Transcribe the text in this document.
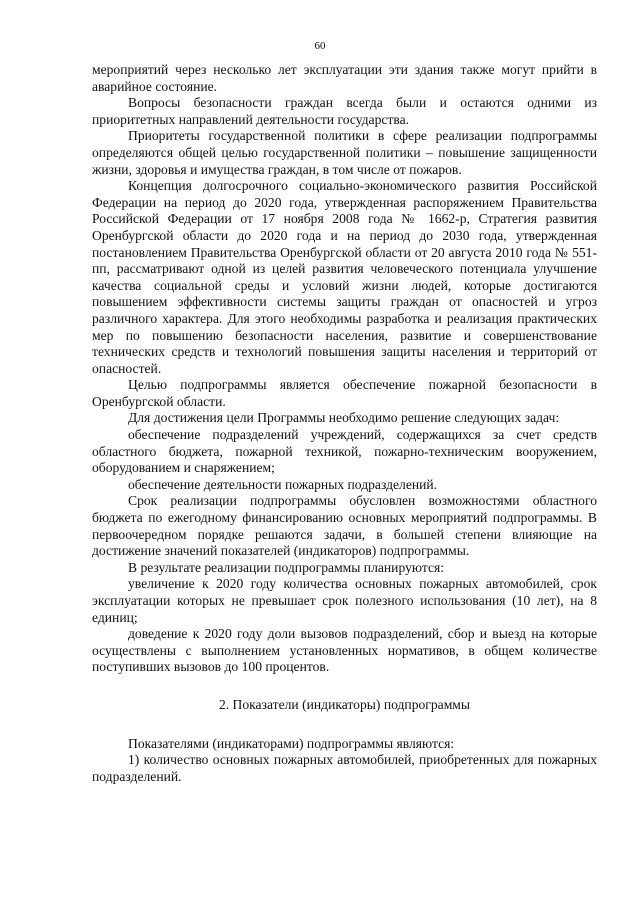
60

мероприятий через несколько лет эксплуатации эти здания также могут прийти в аварийное состояние.

Вопросы безопасности граждан всегда были и остаются одними из приоритетных направлений деятельности государства.

Приоритеты государственной политики в сфере реализации подпрограммы определяются общей целью государственной политики – повышение защищенности жизни, здоровья и имущества граждан, в том числе от пожаров.

Концепция долгосрочного социально-экономического развития Российской Федерации на период до 2020 года, утвержденная распоряжением Правительства Российской Федерации от 17 ноября 2008 года № 1662-р, Стратегия развития Оренбургской области до 2020 года и на период до 2030 года, утвержденная постановлением Правительства Оренбургской области от 20 августа 2010 года № 551-пп, рассматривают одной из целей развития человеческого потенциала улучшение качества социальной среды и условий жизни людей, которые достигаются повышением эффективности системы защиты граждан от опасностей и угроз различного характера. Для этого необходимы разработка и реализация практических мер по повышению безопасности населения, развитие и совершенствование технических средств и технологий повышения защиты населения и территорий от опасностей.

Целью подпрограммы является обеспечение пожарной безопасности в Оренбургской области.

Для достижения цели Программы необходимо решение следующих задач:

обеспечение подразделений учреждений, содержащихся за счет средств областного бюджета, пожарной техникой, пожарно-техническим вооружением, оборудованием и снаряжением;

обеспечение деятельности пожарных подразделений.

Срок реализации подпрограммы обусловлен возможностями областного бюджета по ежегодному финансированию основных мероприятий подпрограммы. В первоочередном порядке решаются задачи, в большей степени влияющие на достижение значений показателей (индикаторов) подпрограммы.

В результате реализации подпрограммы планируются:

увеличение к 2020 году количества основных пожарных автомобилей, срок эксплуатации которых не превышает срок полезного использования (10 лет), на 8 единиц;

доведение к 2020 году доли вызовов подразделений, сбор и выезд на которые осуществлены с выполнением установленных нормативов, в общем количестве поступивших вызовов до 100 процентов.

2. Показатели (индикаторы) подпрограммы

Показателями (индикаторами) подпрограммы являются:

1) количество основных пожарных автомобилей, приобретенных для пожарных подразделений.
